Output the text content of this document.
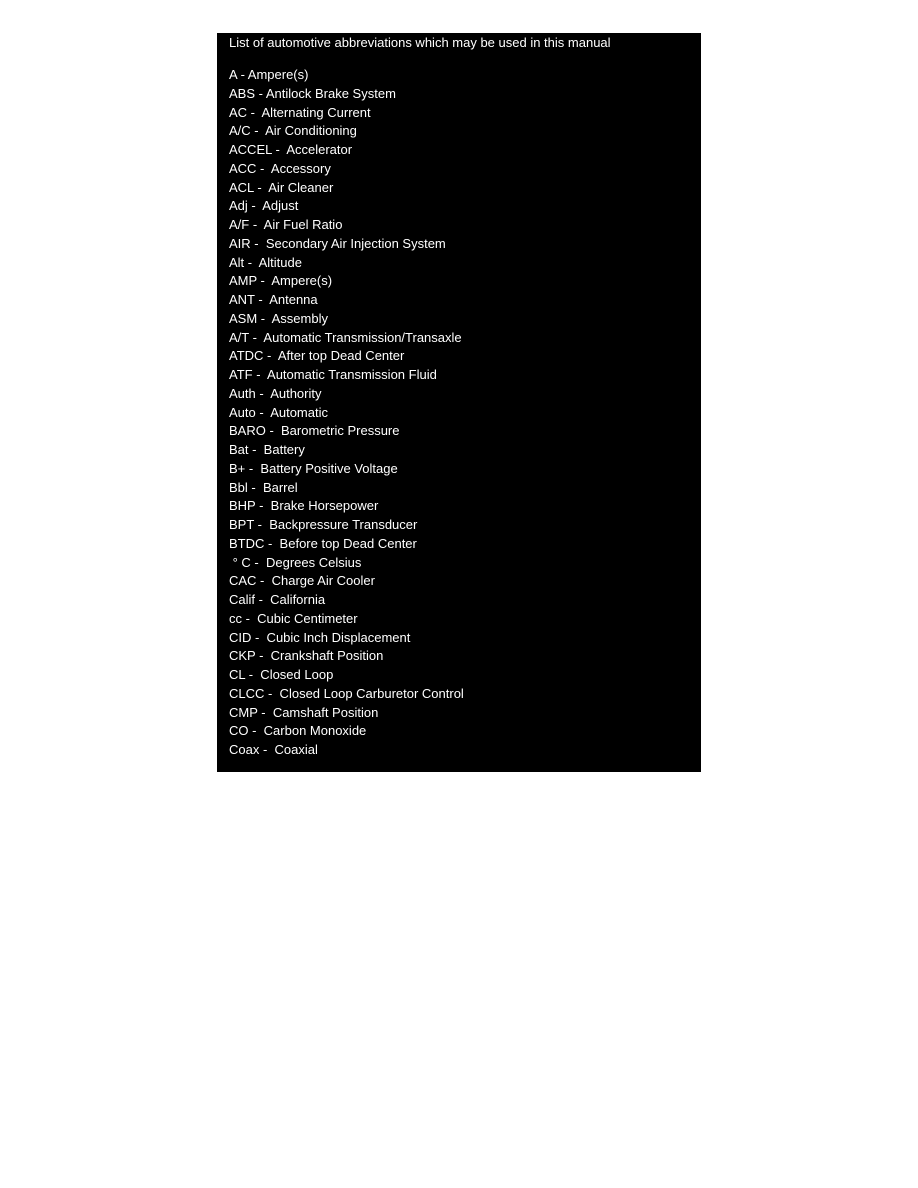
List of automotive abbreviations which may be used in this manual
A - Ampere(s)
ABS - Antilock Brake System
AC -  Alternating Current
A/C -  Air Conditioning
ACCEL -  Accelerator
ACC -  Accessory
ACL -  Air Cleaner
Adj -  Adjust
A/F -  Air Fuel Ratio
AIR -  Secondary Air Injection System
Alt -  Altitude
AMP -  Ampere(s)
ANT -  Antenna
ASM -  Assembly
A/T -  Automatic Transmission/Transaxle
ATDC -  After top Dead Center
ATF -  Automatic Transmission Fluid
Auth -  Authority
Auto -  Automatic
BARO -  Barometric Pressure
Bat -  Battery
B+ -  Battery Positive Voltage
Bbl -  Barrel
BHP -  Brake Horsepower
BPT -  Backpressure Transducer
BTDC -  Before top Dead Center
° C -  Degrees Celsius
CAC -  Charge Air Cooler
Calif -  California
cc -  Cubic Centimeter
CID -  Cubic Inch Displacement
CKP -  Crankshaft Position
CL -  Closed Loop
CLCC -  Closed Loop Carburetor Control
CMP -  Camshaft Position
CO -  Carbon Monoxide
Coax -  Coaxial
